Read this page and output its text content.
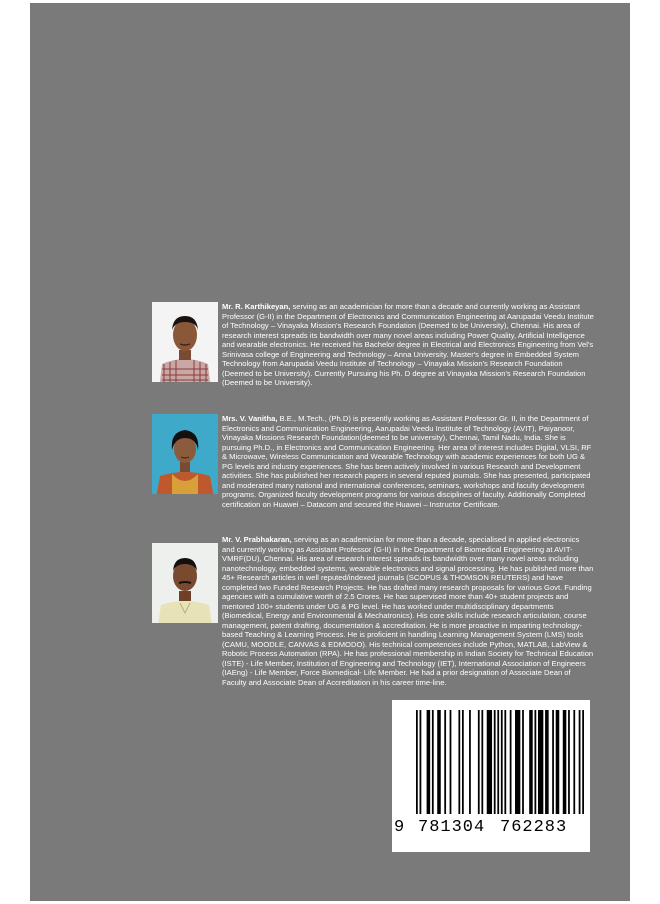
Mr. R. Karthikeyan, serving as an academician for more than a decade and currently working as Assistant Professor (G-II) in the Department of Electronics and Communication Engineering at Aarupadai Veedu Institute of Technology – Vinayaka Mission's Research Foundation (Deemed to be University), Chennai. His area of research interest spreads its bandwidth over many novel areas including Power Quality, Artificial Intelligence and wearable electronics. He received his Bachelor degree in Electrical and Electronics Engineering from Vel's Srinivasa college of Engineering and Technology – Anna University. Master's degree in Embedded System Technology from Aarupadai Veedu Institute of Technology – Vinayaka Mission's Research Foundation (Deemed to be University). Currently Pursuing his Ph. D degree at Vinayaka Mission's Research Foundation (Deemed to be University).
Mrs. V. Vanitha, B.E., M.Tech., (Ph.D) is presently working as Assistant Professor Gr. II, in the Department of Electronics and Communication Engineering, Aarupadai Veedu Institute of Technology (AVIT), Paiyanoor, Vinayaka Missions Research Foundation(deemed to be university), Chennai, Tamil Nadu, India. She is pursuing Ph.D., in Electronics and Communication Engineering. Her area of interest includes Digital, VLSI, RF & Microwave, Wireless Communication and Wearable Technology with academic experiences for both UG & PG levels and industry experiences. She has been actively involved in various Research and Development activities. She has published her research papers in several reputed journals. She has presented, participated and moderated many national and international conferences, seminars, workshops and faculty development programs. Organized faculty development programs for various disciplines of faculty. Additionally Completed certification on Huawei – Datacom and secured the Huawei – Instructor Certificate.
Mr. V. Prabhakaran, serving as an academician for more than a decade, specialised in applied electronics and currently working as Assistant Professor (G-II) in the Department of Biomedical Engineering at AVIT-VMRF(DU), Chennai. His area of research interest spreads its bandwidth over many novel areas including nanotechnology, embedded systems, wearable electronics and signal processing. He has published more than 45+ Research articles in well reputed/indexed journals (SCOPUS & THOMSON REUTERS) and have completed two Funded Research Projects. He has drafted many research proposals for various Govt. Funding agencies with a cumulative worth of 2.5 Crores. He has supervised more than 40+ student projects and mentored 100+ students under UG & PG level. He has worked under multidisciplinary departments (Biomedical, Energy and Environmental & Mechatronics). His core skills include research articulation, course management, patent drafting, documentation & accreditation. He is more proactive in imparting technology-based Teaching & Learning Process. He is proficient in handling Learning Management System (LMS) tools (CAMU, MOODLE, CANVAS & EDMODO). His technical competencies include Python, MATLAB, LabView & Robotic Process Automation (RPA). He has professional membership in Indian Society for Technical Education (ISTE) - Life Member, Institution of Engineering and Technology (IET), International Association of Engineers (IAEng) - Life Member, Force Biomedical- Life Member. He had a prior designation of Associate Dean of Faculty and Associate Dean of Accreditation in his career time-line.
9 781304 762283
